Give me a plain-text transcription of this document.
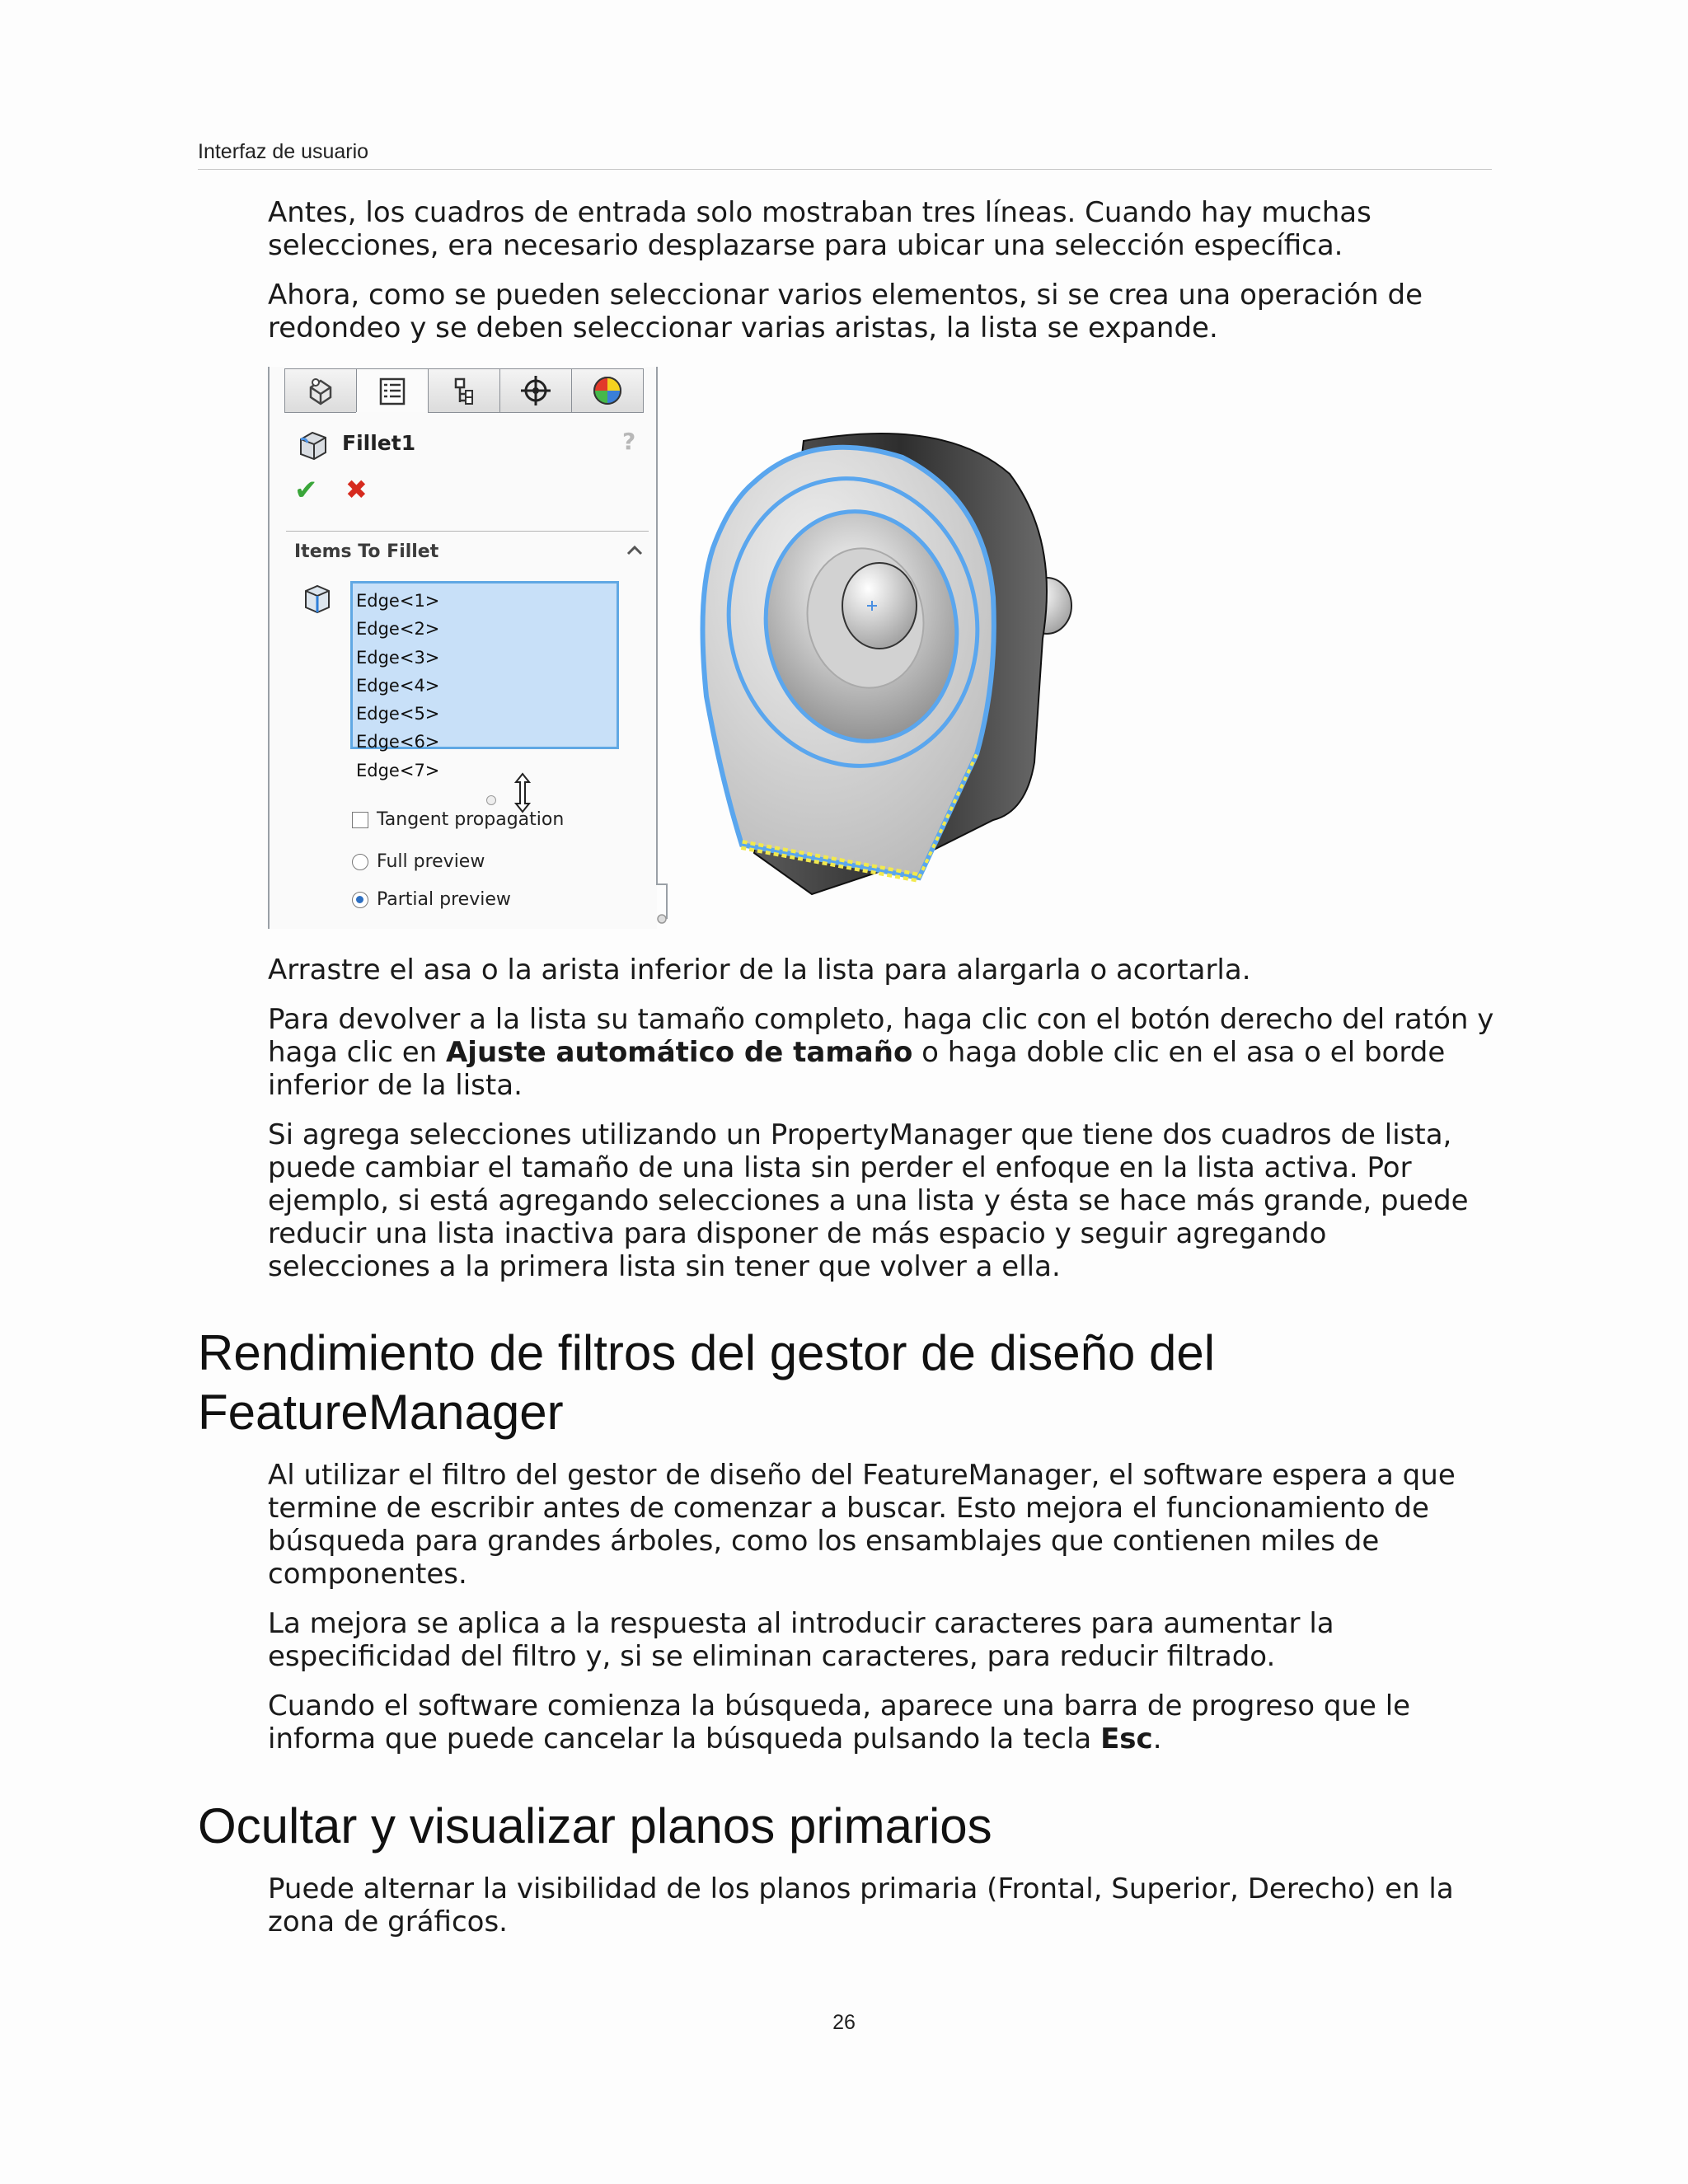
Interfaz de usuario

Antes, los cuadros de entrada solo mostraban tres líneas. Cuando hay muchas selecciones, era necesario desplazarse para ubicar una selección específica.

Ahora, como se pueden seleccionar varios elementos, si se crea una operación de redondeo y se deben seleccionar varias aristas, la lista se expande.

Fillet1	?
✔ ✖
Items To Fillet
Edge<1>
Edge<2>
Edge<3>
Edge<4>
Edge<5>
Edge<6>
Edge<7>
Tangent propagation
Full preview
Partial preview

Arrastre el asa o la arista inferior de la lista para alargarla o acortarla.

Para devolver a la lista su tamaño completo, haga clic con el botón derecho del ratón y haga clic en Ajuste automático de tamaño o haga doble clic en el asa o el borde inferior de la lista.

Si agrega selecciones utilizando un PropertyManager que tiene dos cuadros de lista, puede cambiar el tamaño de una lista sin perder el enfoque en la lista activa. Por ejemplo, si está agregando selecciones a una lista y ésta se hace más grande, puede reducir una lista inactiva para disponer de más espacio y seguir agregando selecciones a la primera lista sin tener que volver a ella.

Rendimiento de filtros del gestor de diseño del FeatureManager

Al utilizar el filtro del gestor de diseño del FeatureManager, el software espera a que termine de escribir antes de comenzar a buscar. Esto mejora el funcionamiento de búsqueda para grandes árboles, como los ensamblajes que contienen miles de componentes.

La mejora se aplica a la respuesta al introducir caracteres para aumentar la especificidad del filtro y, si se eliminan caracteres, para reducir filtrado.

Cuando el software comienza la búsqueda, aparece una barra de progreso que le informa que puede cancelar la búsqueda pulsando la tecla Esc.

Ocultar y visualizar planos primarios

Puede alternar la visibilidad de los planos primaria (Frontal, Superior, Derecho) en la zona de gráficos.

26
